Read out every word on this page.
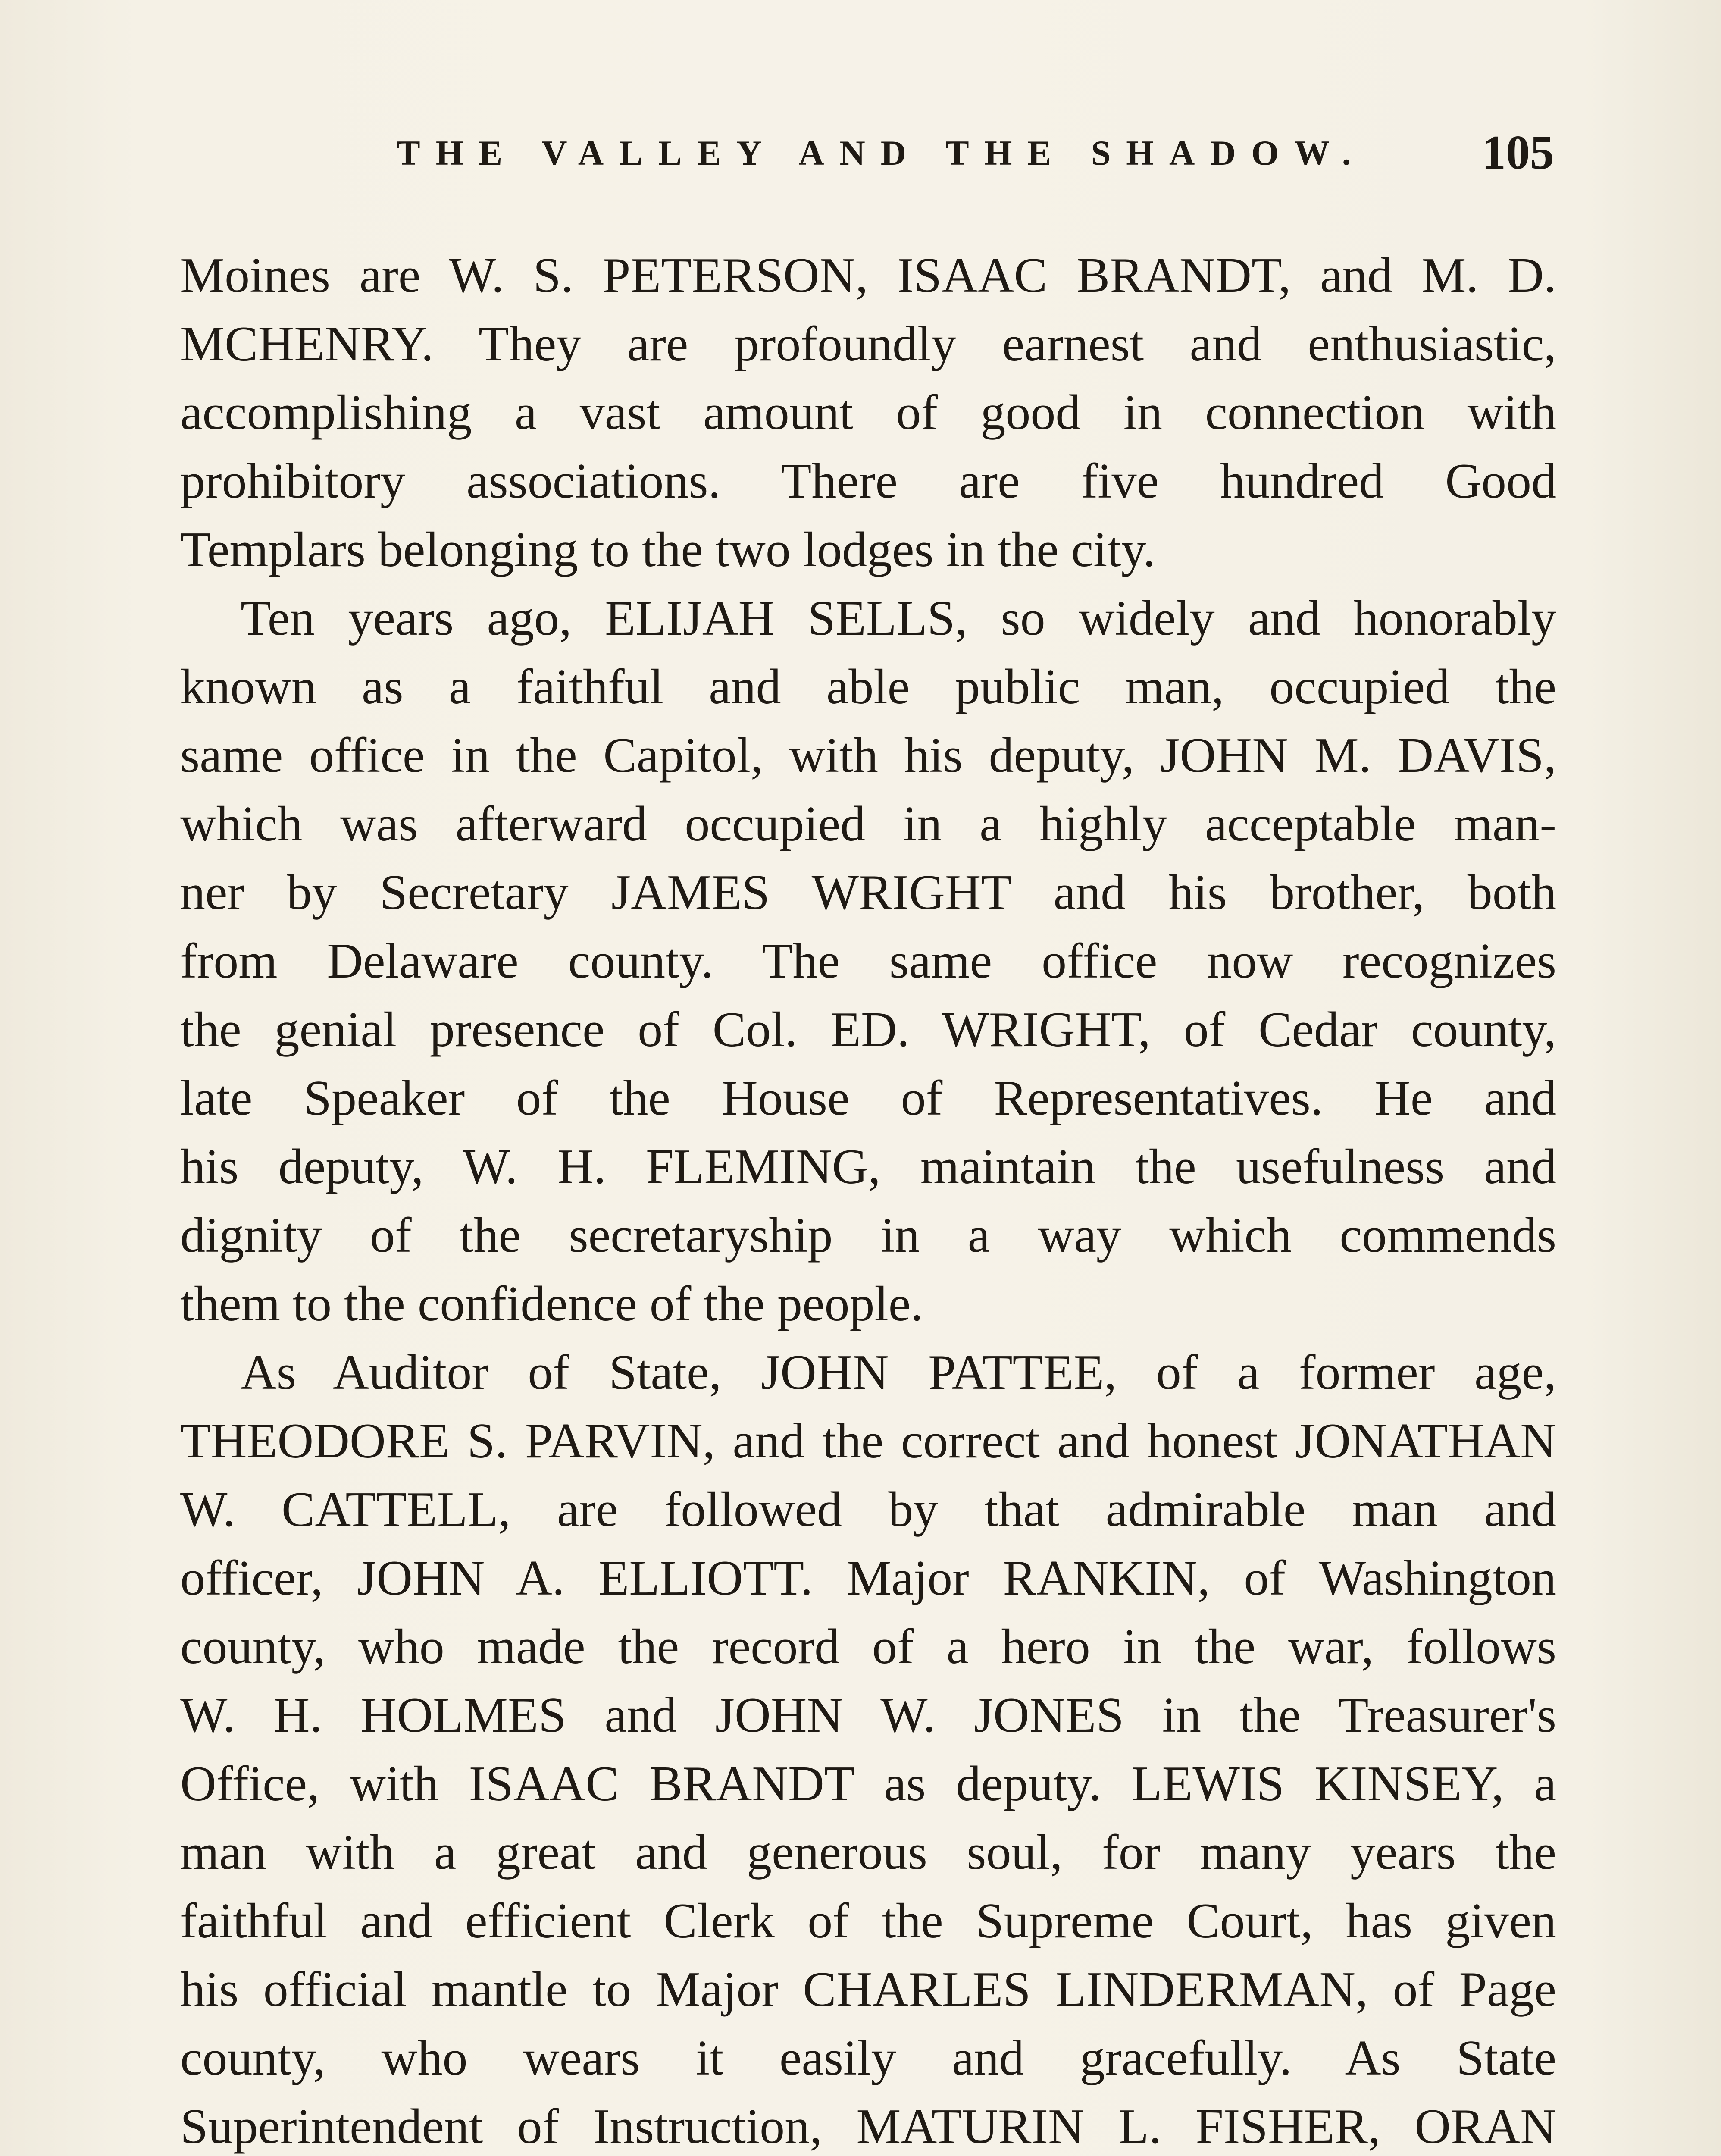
THE VALLEY AND THE SHADOW. 105
Moines are W. S. PETERSON, ISAAC BRANDT, and M. D.
MCHENRY. They are profoundly earnest and enthusiastic,
accomplishing a vast amount of good in connection with
prohibitory associations. There are five hundred Good
Templars belonging to the two lodges in the city.
Ten years ago, ELIJAH SELLS, so widely and honorably
known as a faithful and able public man, occupied the
same office in the Capitol, with his deputy, JOHN M. DAVIS,
which was afterward occupied in a highly acceptable man-
ner by Secretary JAMES WRIGHT and his brother, both
from Delaware county. The same office now recognizes
the genial presence of Col. ED. WRIGHT, of Cedar county,
late Speaker of the House of Representatives. He and
his deputy, W. H. FLEMING, maintain the usefulness and
dignity of the secretaryship in a way which commends
them to the confidence of the people.
As Auditor of State, JOHN PATTEE, of a former age,
THEODORE S. PARVIN, and the correct and honest JONATHAN
W. CATTELL, are followed by that admirable man and
officer, JOHN A. ELLIOTT. Major RANKIN, of Washington
county, who made the record of a hero in the war, follows
W. H. HOLMES and JOHN W. JONES in the Treasurer's
Office, with ISAAC BRANDT as deputy. LEWIS KINSEY, a
man with a great and generous soul, for many years the
faithful and efficient Clerk of the Supreme Court, has given
his official mantle to Major CHARLES LINDERMAN, of Page
county, who wears it easily and gracefully. As State
Superintendent of Instruction, MATURIN L. FISHER, ORAN
